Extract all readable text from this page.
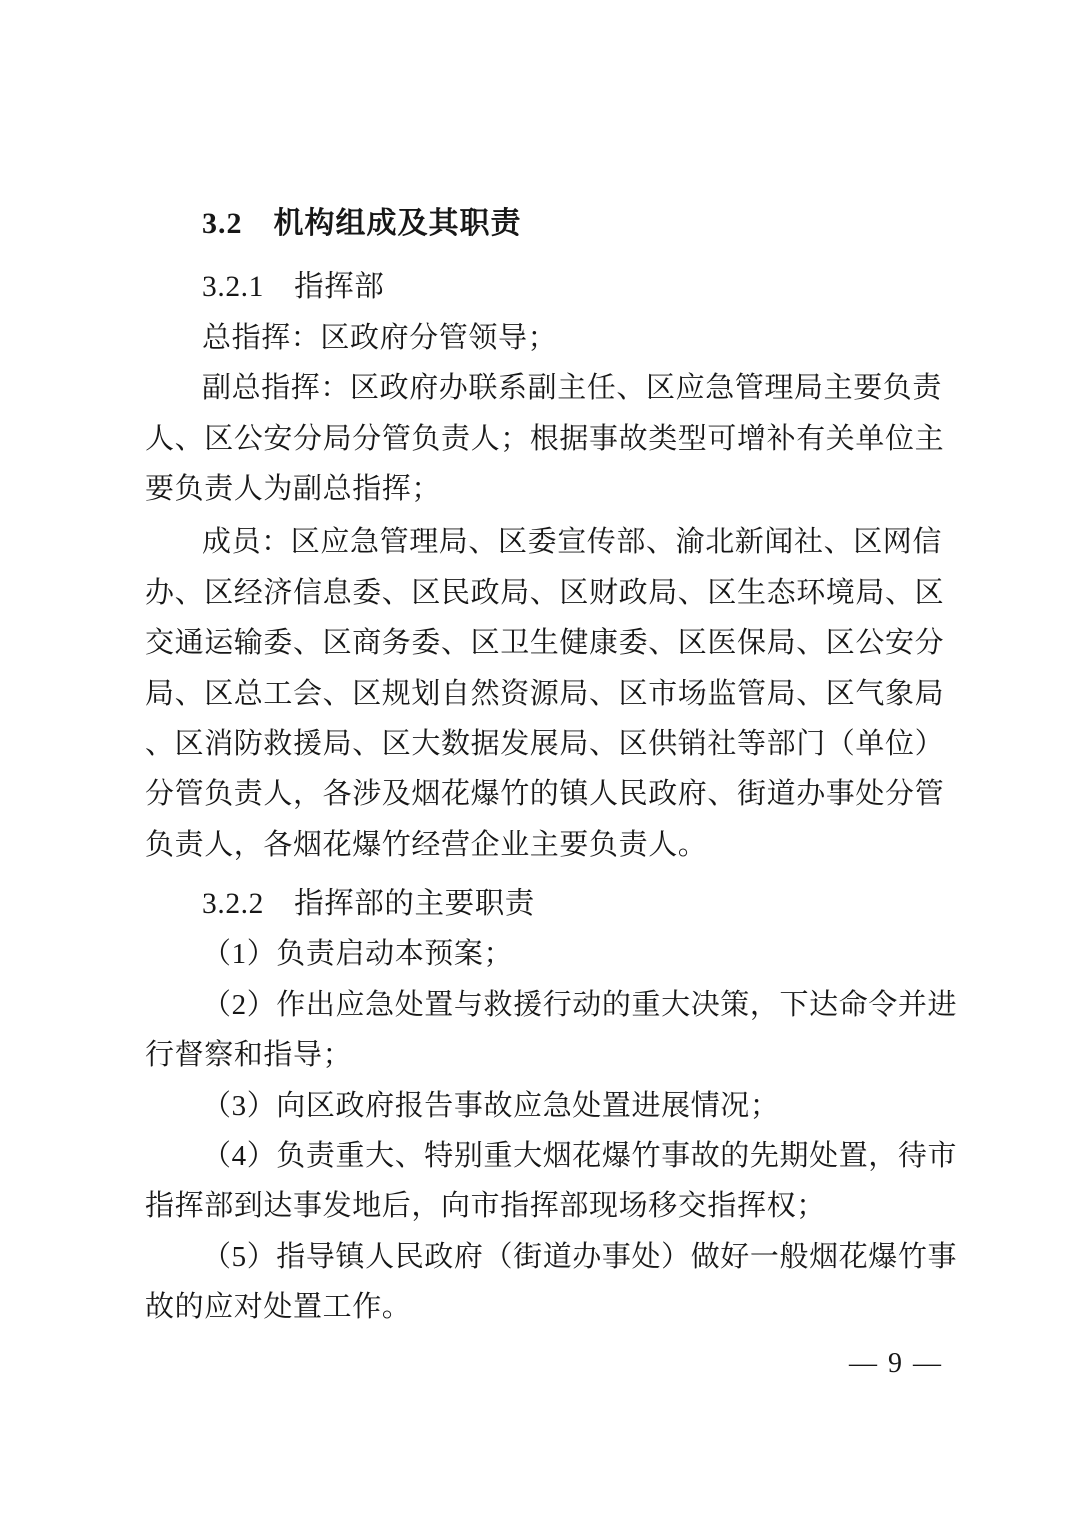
3.2　机构组成及其职责
3.2.1　指挥部
总指挥：区政府分管领导；
副总指挥：区政府办联系副主任、区应急管理局主要负责
人、区公安分局分管负责人；根据事故类型可增补有关单位主
要负责人为副总指挥；
成员：区应急管理局、区委宣传部、渝北新闻社、区网信
办、区经济信息委、区民政局、区财政局、区生态环境局、区
交通运输委、区商务委、区卫生健康委、区医保局、区公安分
局、区总工会、区规划自然资源局、区市场监管局、区气象局
、区消防救援局、区大数据发展局、区供销社等部门（单位）
分管负责人，各涉及烟花爆竹的镇人民政府、街道办事处分管
负责人，各烟花爆竹经营企业主要负责人。
3.2.2　指挥部的主要职责
（1）负责启动本预案；
（2）作出应急处置与救援行动的重大决策，下达命令并进
行督察和指导；
（3）向区政府报告事故应急处置进展情况；
（4）负责重大、特别重大烟花爆竹事故的先期处置，待市
指挥部到达事发地后，向市指挥部现场移交指挥权；
（5）指导镇人民政府（街道办事处）做好一般烟花爆竹事
故的应对处置工作。
— 9 —
